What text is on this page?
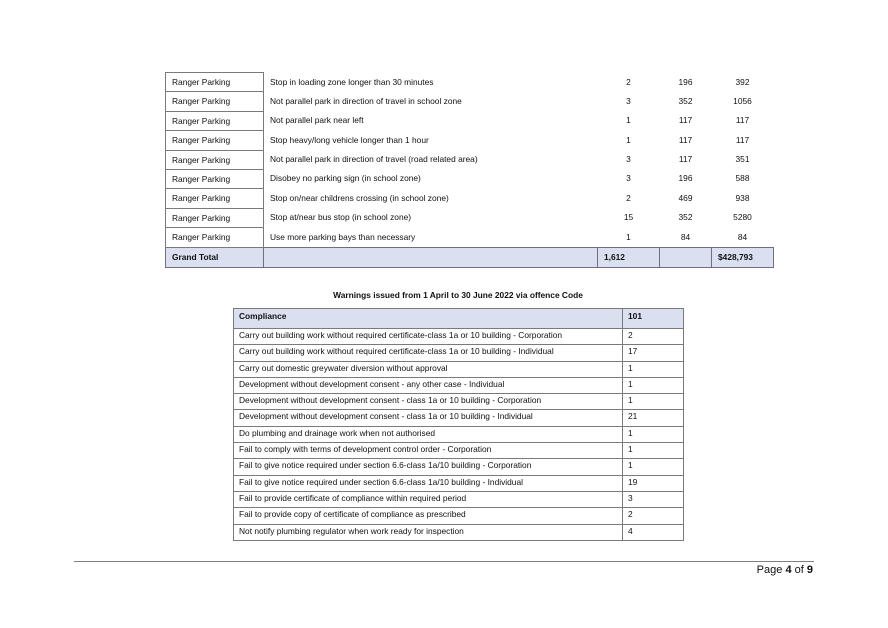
Ranger Parking	Stop in loading zone longer than 30 minutes	2	196	392
Ranger Parking	Not parallel park in direction of travel in school zone	3	352	1056
Ranger Parking	Not parallel park near left	1	117	117
Ranger Parking	Stop heavy/long vehicle longer than 1 hour	1	117	117
Ranger Parking	Not parallel park in direction of travel (road related area)	3	117	351
Ranger Parking	Disobey no parking sign (in school zone)	3	196	588
Ranger Parking	Stop on/near childrens crossing (in school zone)	2	469	938
Ranger Parking	Stop at/near bus stop (in school zone)	15	352	5280
Ranger Parking	Use more parking bays than necessary	1	84	84
Grand Total		1,612		$428,793
Warnings issued from 1 April to 30 June 2022 via offence Code
Compliance	101
Carry out building work without required certificate-class 1a or 10 building - Corporation	2
Carry out building work without required certificate-class 1a or 10 building - Individual	17
Carry out domestic greywater diversion without approval	1
Development without development consent - any other case - Individual	1
Development without development consent - class 1a or 10 building - Corporation	1
Development without development consent - class 1a or 10 building - Individual	21
Do plumbing and drainage work when not authorised	1
Fail to comply with terms of development control order - Corporation	1
Fail to give notice required under section 6.6-class 1a/10 building - Corporation	1
Fail to give notice required under section 6.6-class 1a/10 building - Individual	19
Fail to provide certificate of compliance within required period	3
Fail to provide copy of certificate of compliance as prescribed	2
Not notify plumbing regulator when work ready for inspection	4
Page 4 of 9
